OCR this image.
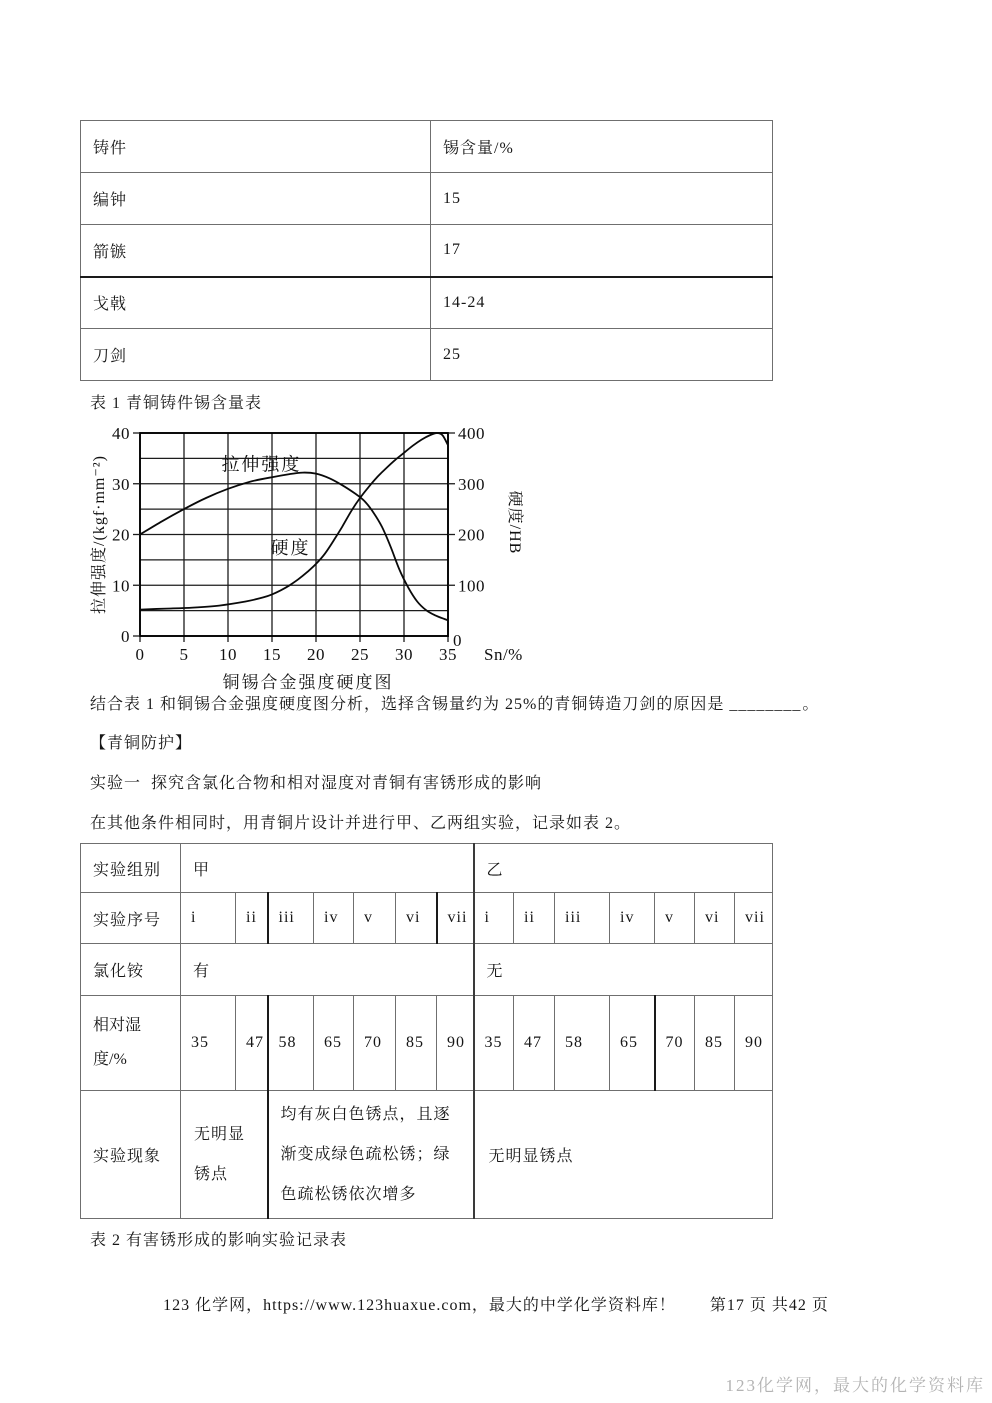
铸件	锡含量/%
编钟	15
箭镞	17
戈戟	14-24
刀剑	25
表 1 青铜铸件锡含量表
0 5 10 15 20 25 30 35
0
10
20
30
40
100
200
300
400
0
Sn/%
拉伸强度/(kgf·mm⁻²)	硬度/HB
拉伸强度
硬度
铜锡合金强度硬度图

结合表 1 和铜锡合金强度硬度图分析，选择含锡量约为 25%的青铜铸造刀剑的原因是 ________。

【青铜防护】

实验一  探究含氯化合物和相对湿度对青铜有害锈形成的影响

在其他条件相同时，用青铜片设计并进行甲、乙两组实验，记录如表 2。

实验组别	甲							乙						
实验序号	i	ii	iii	iv	v	vi	vii	i	ii	iii	iv	v	vi	vii
氯化铵	有							无						
相对湿度/%	35	47	58	65	70	85	90	35	47	58	65	70	85	90
实验现象	无明显锈点		均有灰白色锈点，且逐渐变成绿色疏松锈；绿色疏松锈依次增多					无明显锈点						
表 2 有害锈形成的影响实验记录表
123 化学网，https://www.123huaxue.com，最大的中学化学资料库！ 第17 页 共42 页
123化学网，最大的化学资料库
